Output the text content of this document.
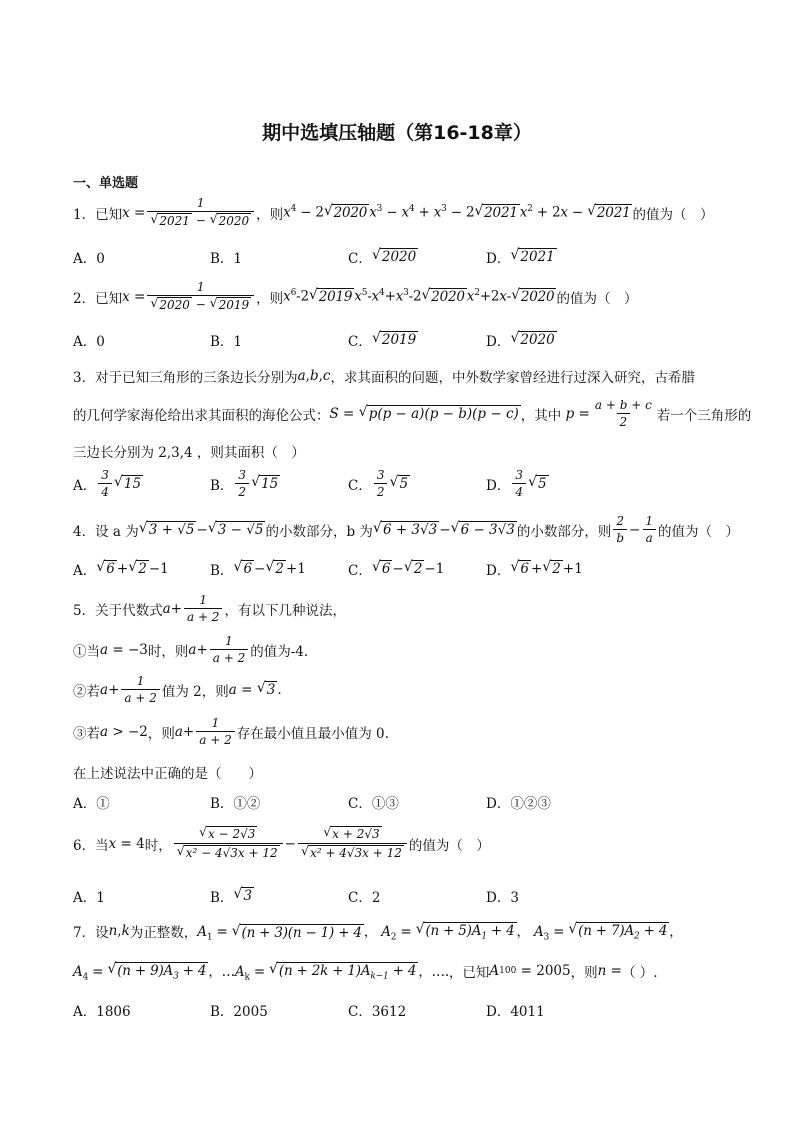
期中选填压轴题（第16-18章）
一、单选题
1．已知 $x = \frac{1}{√ 2021 - √ 2020}$ ，则 $x^4 - 2$ √ 2020 $x^3 - x^4 + x^3 - 2$ √ 2021 $x^2 + 2x$ − √ 2021 的值为（　）
A．0	B．1	C． √ 2020	D． √ 2021
2．已知 $x = \frac{1}{√ 2020 - √ 2019}$ ，则 $x^6-2$ √ 2019 $x^5-x^4+x^3-2$ √ 2020 $x^2+2x-$ √ 2020 的值为（　）
A．0	B．1	C． √ 2019	D． √ 2020
3．对于已知三角形的三条边长分别为 a , b , c ，求其面积的问题，中外数学家曾经进行过深入研究，古希腊
的几何学家海伦给出求其面积的海伦公式： S = √ p(p − a)(p − b)(p − c) ，其中
$p = \frac{a + b + c}{2}$ 若一个三角形的
三边长分别为 2,3,4 ，则其面积（　）
A． $\frac{3}{4}$ √ 15	B． $\frac{3}{2}$ √ 15	C． $\frac{3}{2}$ √ 5	D． $\frac{3}{4}$ √ 5
4．设 a 为 √ 3 + √5 − √ 3 − √5 的小数部分，b 为 √ 6 + 3√3 − √ 6 − 3√3 的小数部分，则 $\frac{2}{b} - \frac{1}{a}$ 的值为（　）
A． √ 6 + √ 2 −1	B． √ 6 − √ 2 +1	C． √ 6 − √ 2 −1	D． √ 6 + √ 2 +1
5．关于代数式 $a + \frac{1}{a + 2}$ ，有以下几种说法，
①当 a = −3 时，则 $a + \frac{1}{a + 2}$ 的值为-4.
②若 $a + \frac{1}{a + 2}$ 值为 2，则 a = √ 3 .
③若 a > −2 ，则 $a + \frac{1}{a + 2}$ 存在最小值且最小值为 0.
在上述说法中正确的是（　　）
A．①	B．①②	C．①③	D．①②③
6．当 x = 4 时， $\frac{√ x - 2√3}{\text{√ x² − 4√3x + 12}} - \frac{√ x + 2√3}{\text{√ x² + 4√3x + 12}}$ 的值为（　）
A．1	B． √ 3	C．2	D．3
7．设 n , k 为正整数， $A_1$ = √ (n + 3)(n − 1) + 4 ， $A_2$ = √ $(n + 5)A_1 + 4$ ， $A_3$ = √ $(n + 7)A_2 + 4$ ，
$A_4$ = √ $(n + 9)A_3 + 4$ ，$\dots A_k$ = √ $(n + 2k + 1)A_{k-1} + 4$ ，…. ，已知 A 100 = 2005 ，则 n = （ ）.
A．1806	B．2005	C．3612	D．4011
